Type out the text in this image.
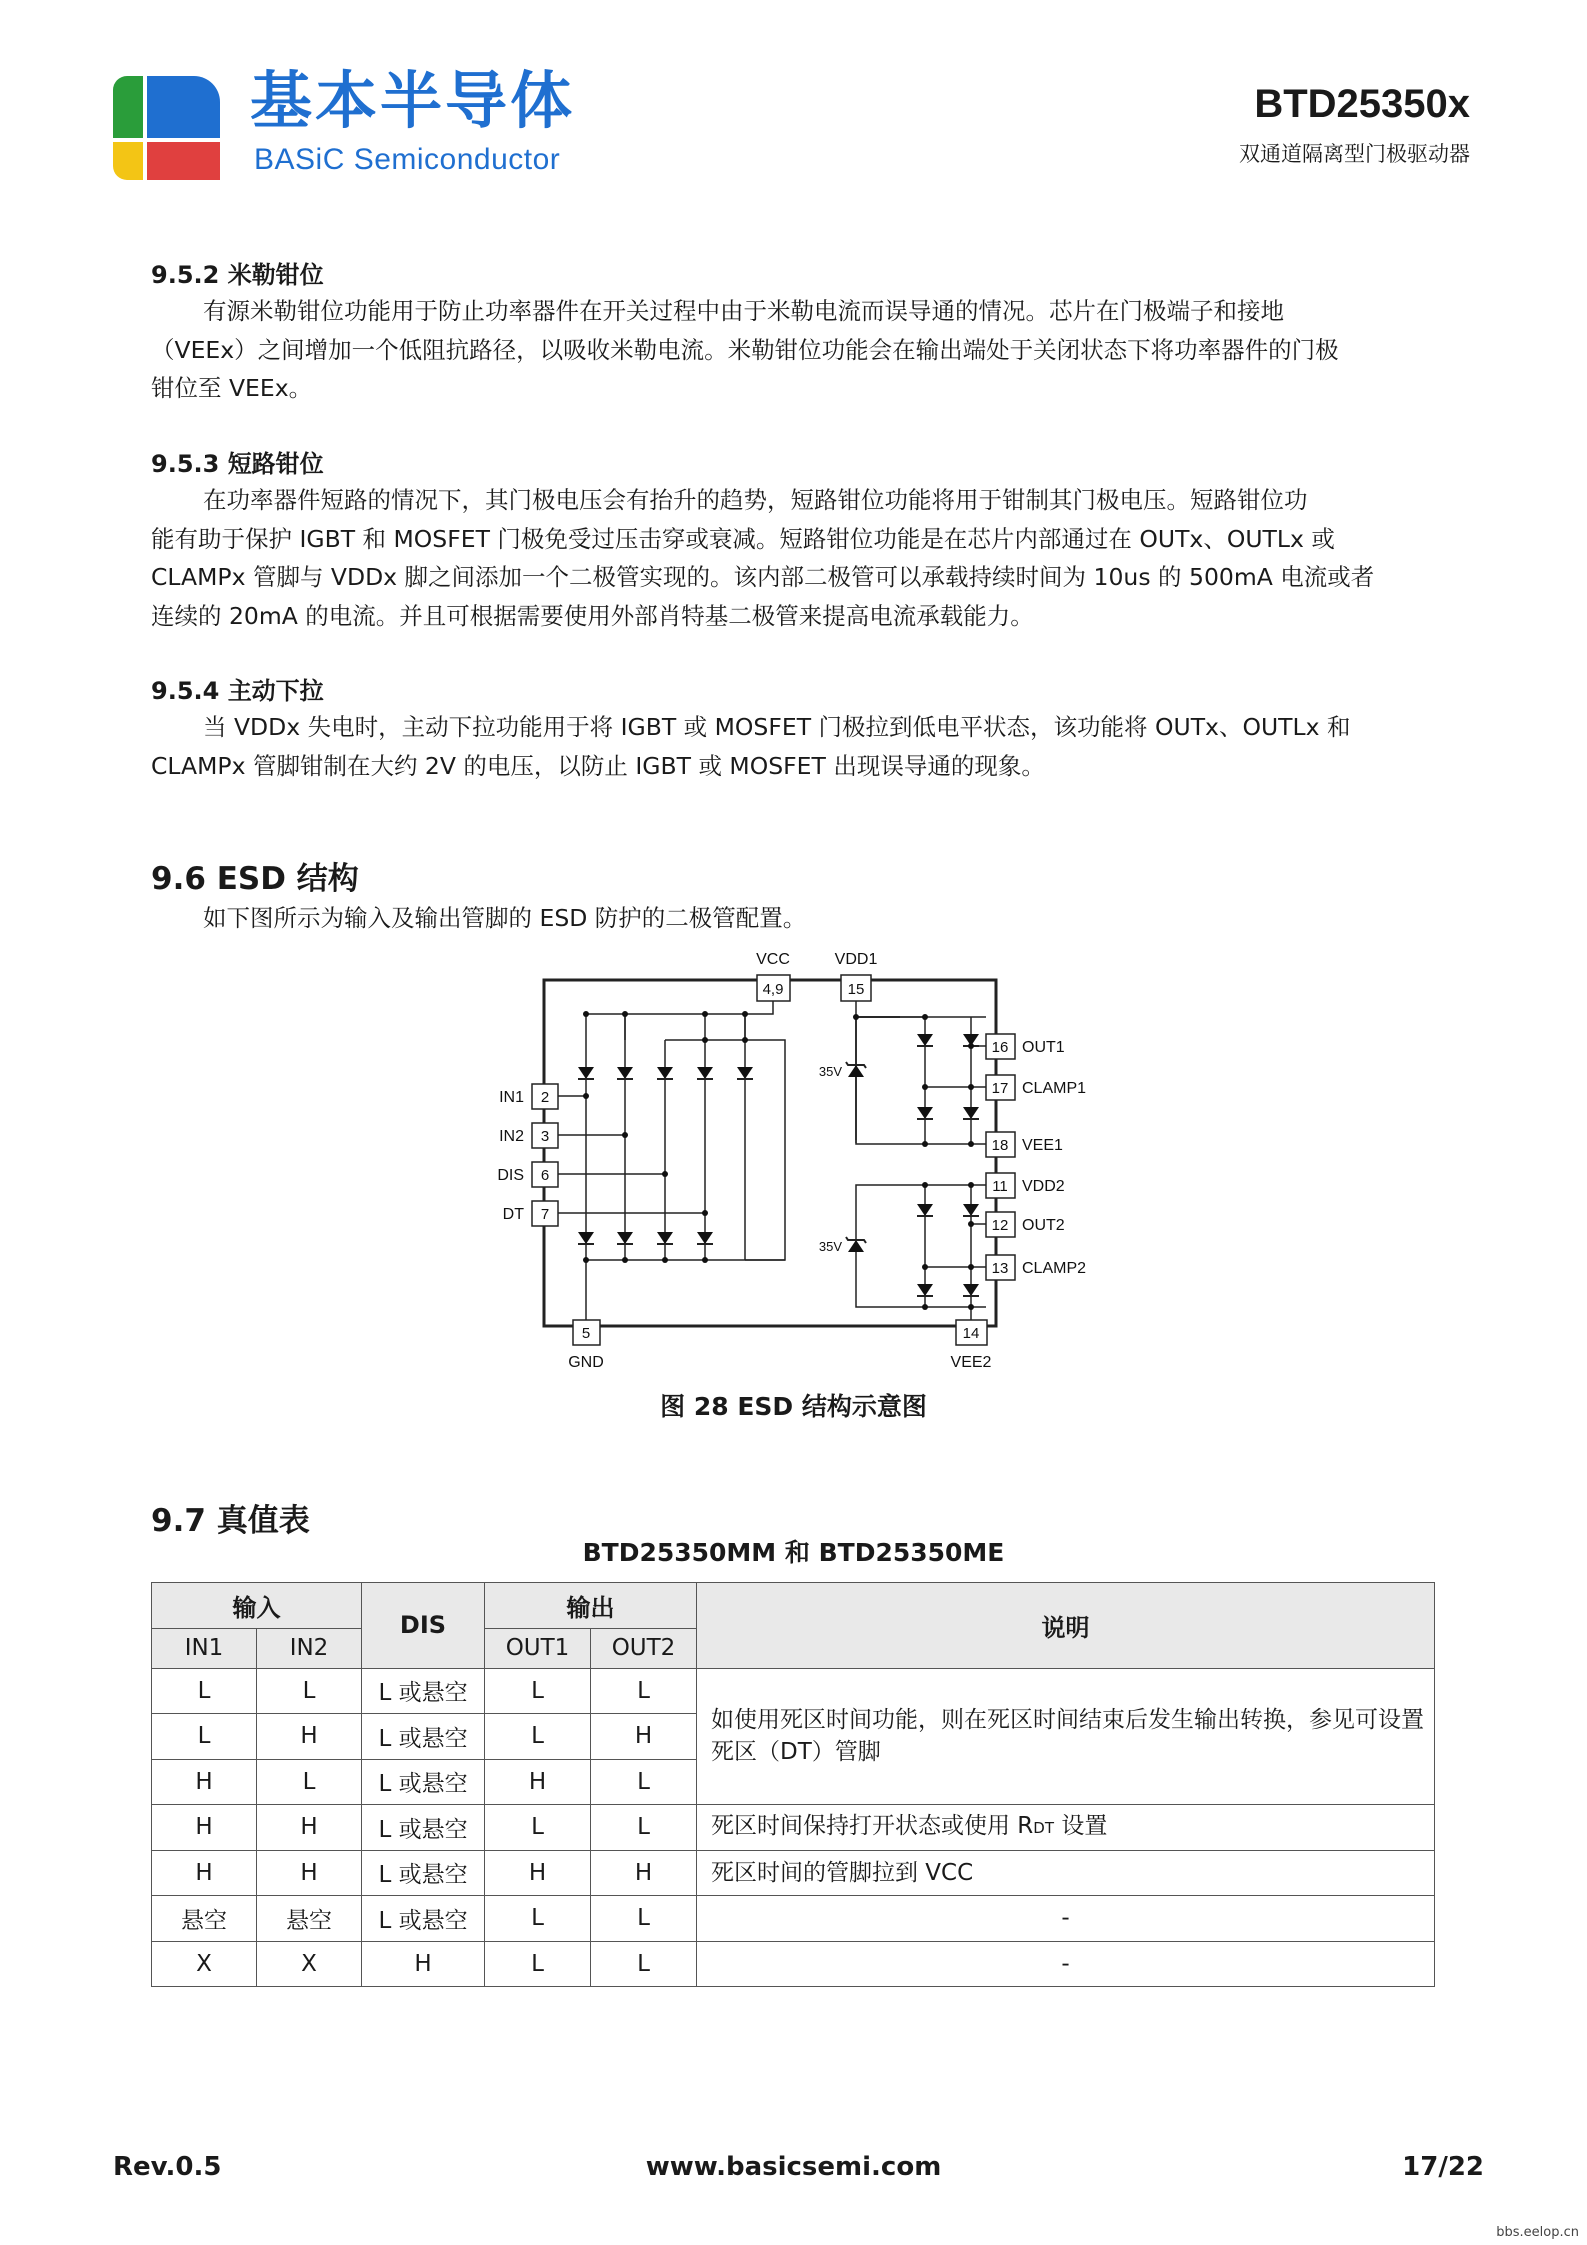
基本半导体
BASiC Semiconductor
BTD25350x
双通道隔离型门极驱动器
9.5.2 米勒钳位
有源米勒钳位功能用于防止功率器件在开关过程中由于米勒电流而误导通的情况。芯片在门极端子和接地
（VEEx）之间增加一个低阻抗路径，以吸收米勒电流。米勒钳位功能会在输出端处于关闭状态下将功率器件的门极
钳位至 VEEx。
9.5.3 短路钳位
在功率器件短路的情况下，其门极电压会有抬升的趋势，短路钳位功能将用于钳制其门极电压。短路钳位功
能有助于保护 IGBT 和 MOSFET 门极免受过压击穿或衰减。短路钳位功能是在芯片内部通过在 OUTx、OUTLx 或
CLAMPx 管脚与 VDDx 脚之间添加一个二极管实现的。该内部二极管可以承载持续时间为 10us 的 500mA 电流或者
连续的 20mA 的电流。并且可根据需要使用外部肖特基二极管来提高电流承载能力。
9.5.4 主动下拉
当 VDDx 失电时，主动下拉功能用于将 IGBT 或 MOSFET 门极拉到低电平状态，该功能将 OUTx、OUTLx 和
CLAMPx 管脚钳制在大约 2V 的电压，以防止 IGBT 或 MOSFET 出现误导通的现象。
9.6 ESD 结构
如下图所示为输入及输出管脚的 ESD 防护的二极管配置。
4,9
VCC
2
IN1
3
IN2
6
DIS
7
DT
5
GND
15
VDD1
35V
16 OUT1
17 CLAMP1
18 VEE1
35V
11 VDD2
12 OUT2
13 CLAMP2
14
VEE2
图 28 ESD 结构示意图
9.7 真值表
BTD25350MM 和 BTD25350ME
输入		DIS	输出		说明
IN1	IN2		OUT1	OUT2	
L	L	L 或悬空	L	L	如使用死区时间功能，则在死区时间结束后发生输出转换，参见可设置死区（DT）管脚
L	H	L 或悬空	L	H	
H	L	L 或悬空	H	L	
H	H	L 或悬空	L	L	死区时间保持打开状态或使用 RDT 设置
H	H	L 或悬空	H	H	死区时间的管脚拉到 VCC
悬空	悬空	L 或悬空	L	L	-
X	X	H	L	L	-
Rev.0.5	www.basicsemi.com	17/22
bbs.eelop.cn
